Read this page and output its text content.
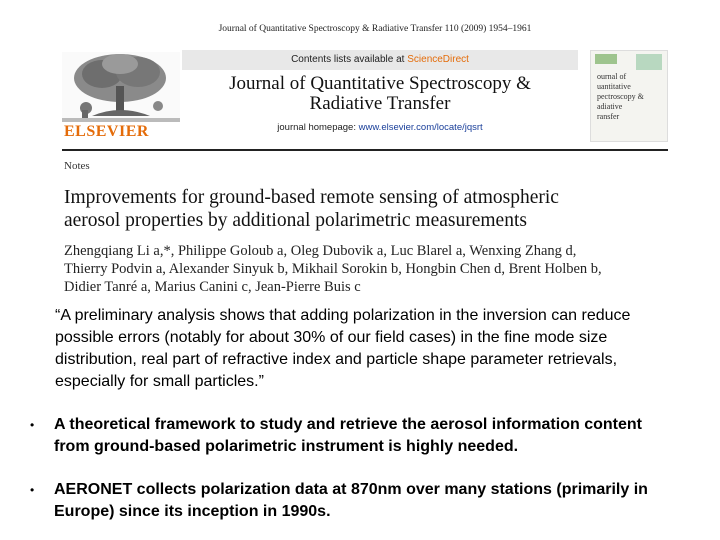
Journal of Quantitative Spectroscopy & Radiative Transfer 110 (2009) 1954–1961
ELSEVIER
Contents lists available at ScienceDirect
Journal of Quantitative Spectroscopy &
Radiative Transfer
journal homepage: www.elsevier.com/locate/jqsrt
ournal of
uantitative
pectroscopy &
adiative
ransfer
Notes
Improvements for ground-based remote sensing of atmospheric
aerosol properties by additional polarimetric measurements
Zhengqiang Li a,*, Philippe Goloub a, Oleg Dubovik a, Luc Blarel a, Wenxing Zhang d,
Thierry Podvin a, Alexander Sinyuk b, Mikhail Sorokin b, Hongbin Chen d, Brent Holben b,
Didier Tanré a, Marius Canini c, Jean-Pierre Buis c
“A preliminary analysis shows that adding polarization in the inversion can reduce possible errors (notably for about 30% of our field cases) in the fine mode size distribution, real part of refractive index and particle shape parameter retrievals, especially for small particles.”
• A theoretical framework to study and retrieve the aerosol information content from ground-based polarimetric instrument is highly needed.
• AERONET collects polarization data at 870nm over many stations (primarily in Europe) since its inception in 1990s.
